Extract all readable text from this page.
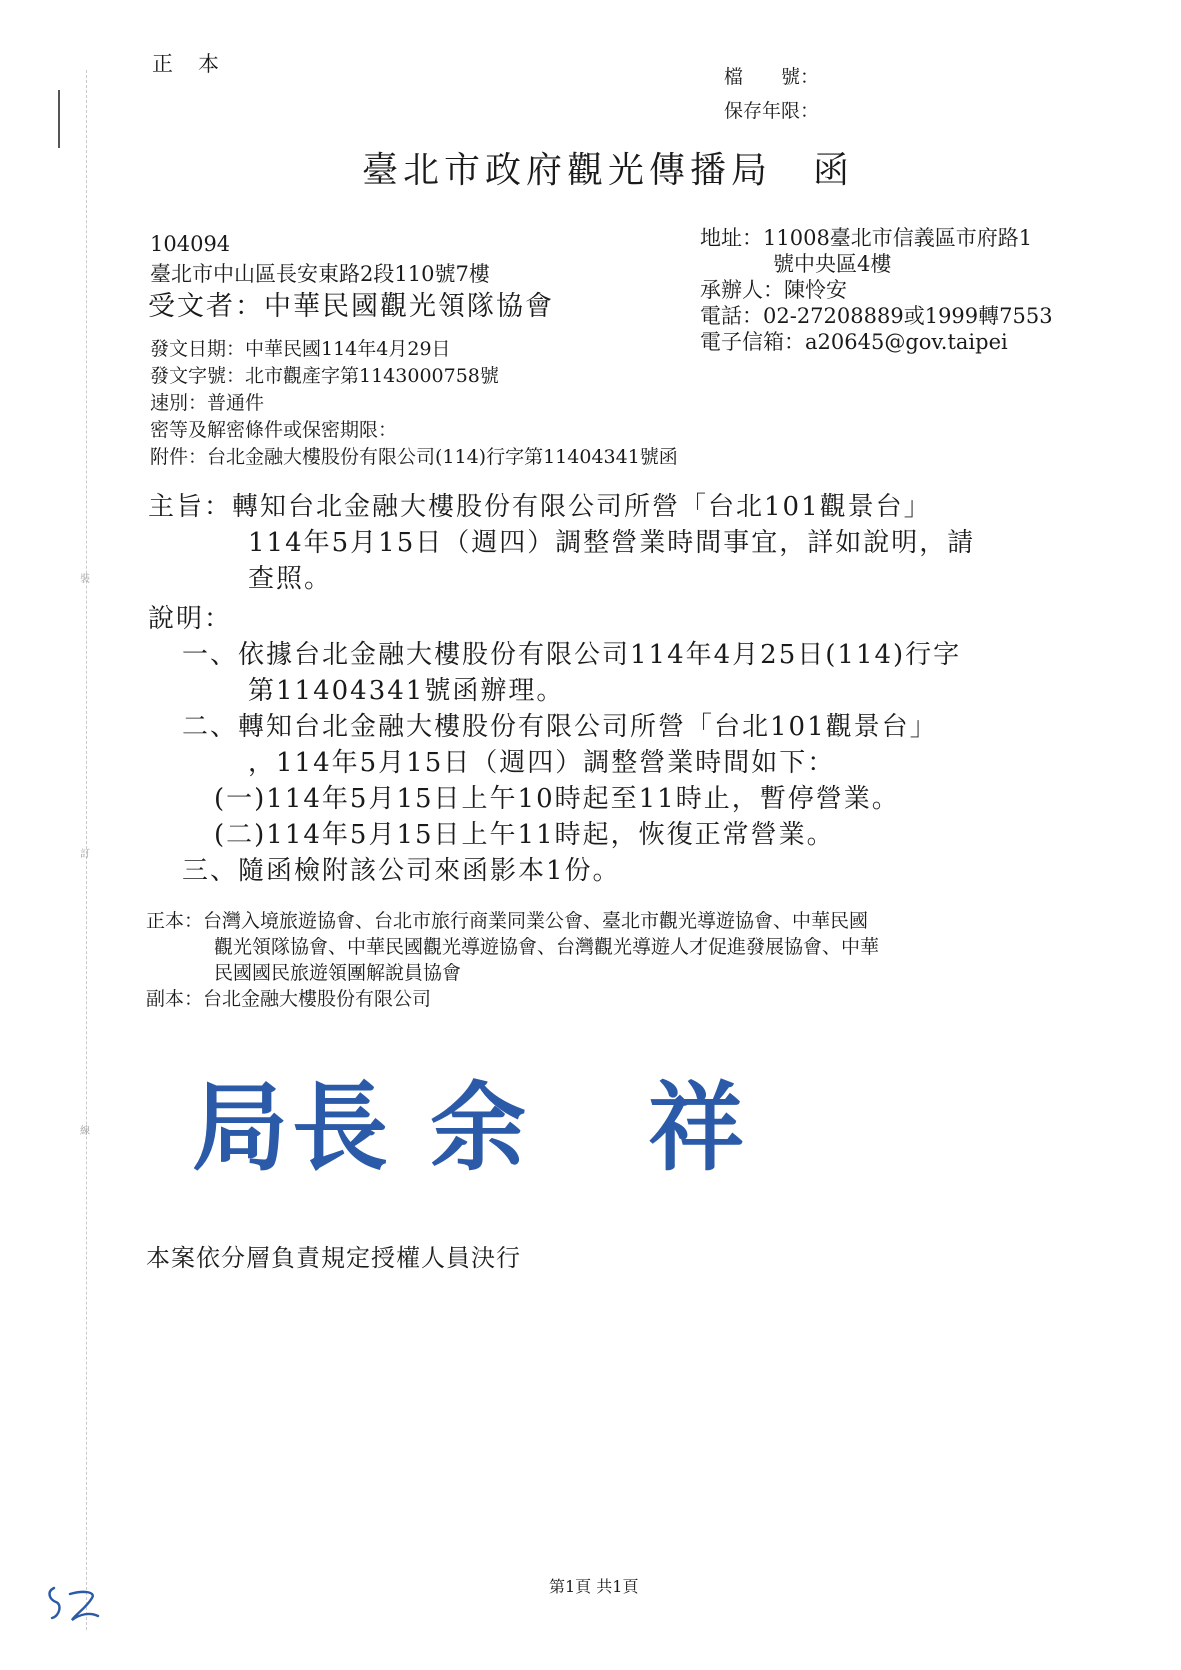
裝
訂
線
正　本
檔　　號：
保存年限：
臺北市政府觀光傳播局　函
104094
臺北市中山區長安東路2段110號7樓
受文者：中華民國觀光領隊協會
地址：11008臺北市信義區市府路1
號中央區4樓
承辦人：陳怜安
電話：02-27208889或1999轉7553
電子信箱：a20645@gov.taipei
發文日期：中華民國114年4月29日
發文字號：北市觀產字第1143000758號
速別：普通件
密等及解密條件或保密期限：
附件：台北金融大樓股份有限公司(114)行字第11404341號函
主旨：轉知台北金融大樓股份有限公司所營「台北101觀景台」
114年5月15日（週四）調整營業時間事宜，詳如說明，請
查照。
說明：
一、依據台北金融大樓股份有限公司114年4月25日(114)行字
第11404341號函辦理。
二、轉知台北金融大樓股份有限公司所營「台北101觀景台」
，114年5月15日（週四）調整營業時間如下：
(一)114年5月15日上午10時起至11時止，暫停營業。
(二)114年5月15日上午11時起，恢復正常營業。
三、隨函檢附該公司來函影本1份。
正本：台灣入境旅遊協會、台北市旅行商業同業公會、臺北市觀光導遊協會、中華民國
觀光領隊協會、中華民國觀光導遊協會、台灣觀光導遊人才促進發展協會、中華
民國國民旅遊領團解說員協會
副本：台北金融大樓股份有限公司
局長 余 祥
本案依分層負責規定授權人員決行
第1頁 共1頁
